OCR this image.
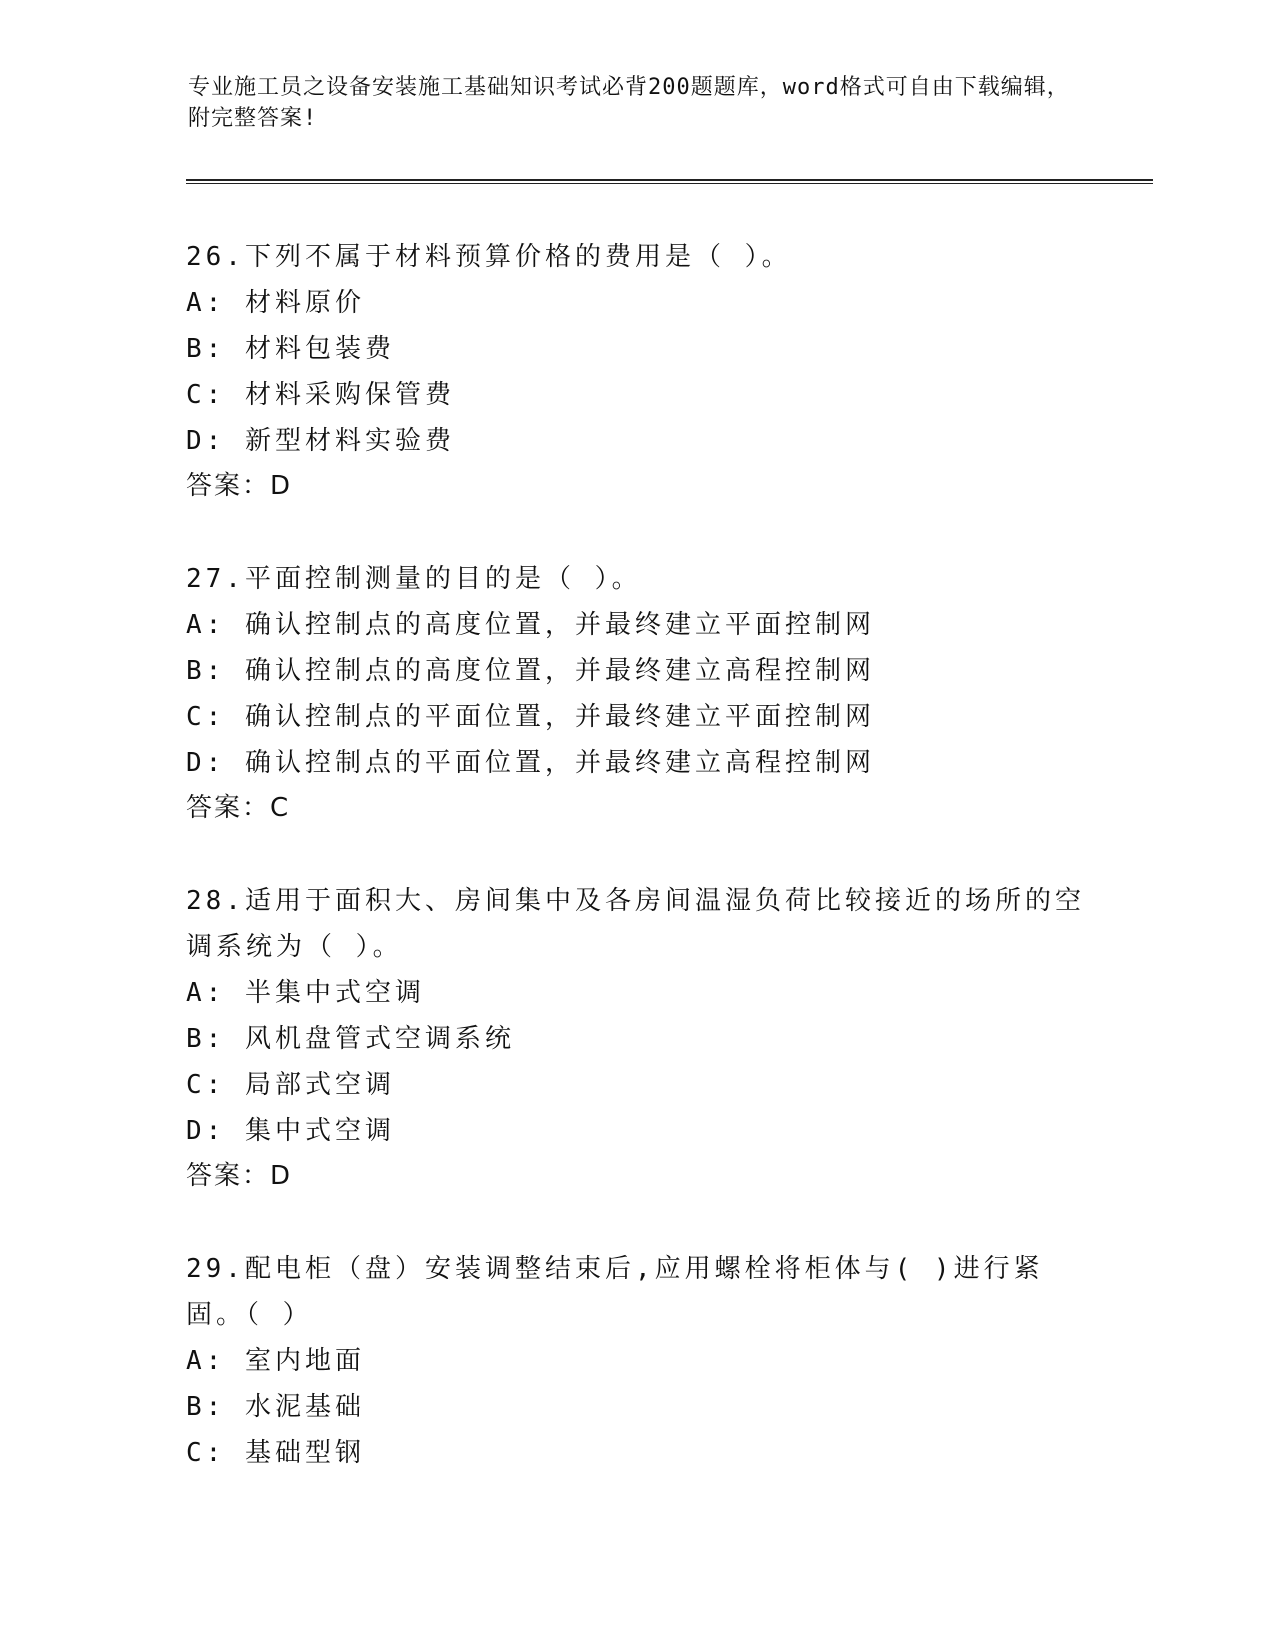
专业施工员之设备安装施工基础知识考试必背200题题库，word格式可自由下载编辑，附完整答案!
26.下列不属于材料预算价格的费用是（ ）。
A: 材料原价
B: 材料包装费
C: 材料采购保管费
D: 新型材料实验费
答案：D
27.平面控制测量的目的是（ ）。
A: 确认控制点的高度位置，并最终建立平面控制网
B: 确认控制点的高度位置，并最终建立高程控制网
C: 确认控制点的平面位置，并最终建立平面控制网
D: 确认控制点的平面位置，并最终建立高程控制网
答案：C
28.适用于面积大、房间集中及各房间温湿负荷比较接近的场所的空调系统为（ ）。
A: 半集中式空调
B: 风机盘管式空调系统
C: 局部式空调
D: 集中式空调
答案：D
29.配电柜（盘）安装调整结束后,应用螺栓将柜体与( )进行紧固。（ ）
A: 室内地面
B: 水泥基础
C: 基础型钢
